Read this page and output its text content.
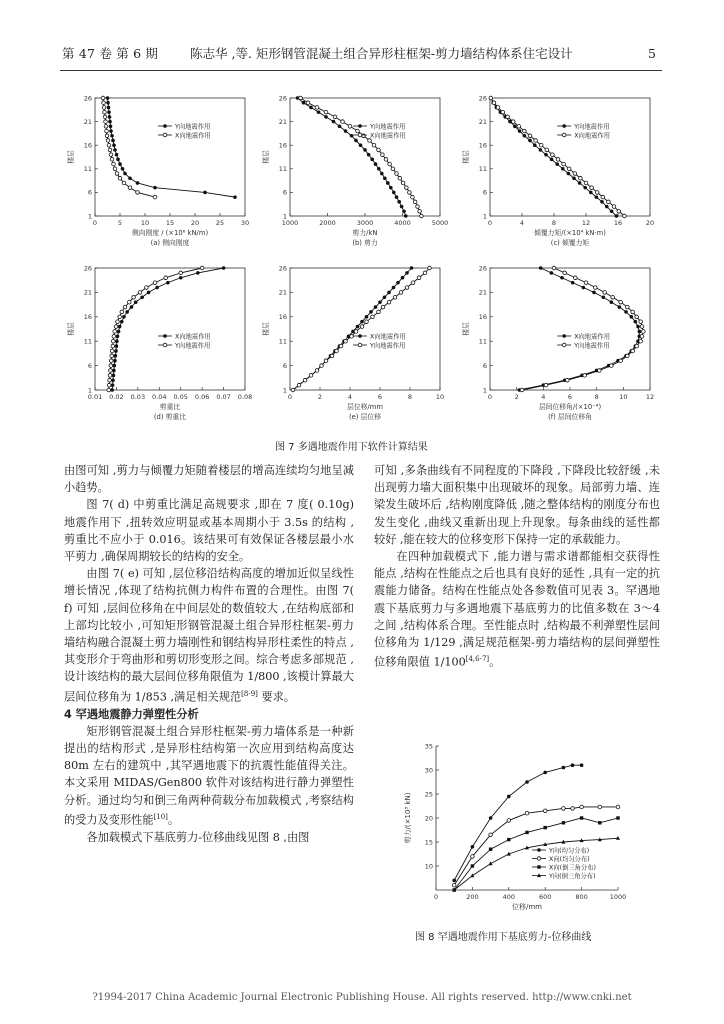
第 47 卷 第 6 期	陈志华 ,等. 矩形钢管混凝土组合异形柱框架-剪力墙结构体系住宅设计	5
0	5	10	15	20	25	30
1
6
11
16
21
26
侧向刚度 / (×10⁶ kN/m)
(a) 侧向刚度
楼层
Y向地震作用
X向地震作用
1000	2000	3000	4000	5000
1
6
11
16
21
26
剪力/kN
(b) 剪力
楼层
Y向地震作用
X向地震作用
0	4	8	12	16	20
1
6
11
16
21
26
倾覆力矩/(×10⁴ kN·m)
(c) 倾覆力矩
楼层
Y向地震作用
X向地震作用
0.01 0.02 0.03 0.04 0.05 0.06 0.07 0.08
1
6
11
16
21
26
剪重比
(d) 剪重比
楼层
X向地震作用
Y向地震作用
0	2	4	6	8	10
1
6
11
16
21
26
层位移/mm
(e) 层位移
楼层
X向地震作用
Y向地震作用
0	2	4	6	8	10	12
1
6
11
16
21
26
层间位移角/(×10⁻⁴)
(f) 层间位移角
楼层
X向地震作用
Y向地震作用
图 7 多遇地震作用下软件计算结果

由图可知 ,剪力与倾覆力矩随着楼层的增高连续均匀地呈减小趋势。

图 7( d) 中剪重比满足高规要求 ,即在 7 度( 0.10g) 地震作用下 ,扭转效应明显或基本周期小于 3.5s 的结构 ,剪重比不应小于 0.016。该结果可有效保证各楼层最小水平剪力 ,确保周期较长的结构的安全。

由图 7( e) 可知 ,层位移沿结构高度的增加近似呈线性增长情况 ,体现了结构抗侧力构件布置的合理性。由图 7( f) 可知 ,层间位移角在中间层处的数值较大 ,在结构底部和上部均比较小 ,可知矩形钢管混凝土组合异形柱框架-剪力墙结构融合混凝土剪力墙刚性和钢结构异形柱柔性的特点 ,其变形介于弯曲形和剪切形变形之间。综合考虑多部规范 ,设计该结构的最大层间位移角限值为 1/800 ,该模计算最大层间位移角为 1/853 ,满足相关规范[8-9] 要求。

4 罕遇地震静力弹塑性分析

矩形钢管混凝土组合异形柱框架-剪力墙体系是一种新提出的结构形式 ,是异形柱结构第一次应用到结构高度达 80m 左右的建筑中 ,其罕遇地震下的抗震性能值得关注。本文采用 MIDAS/Gen800 软件对该结构进行静力弹塑性分析。通过均匀和倒三角两种荷载分布加载模式 ,考察结构的受力及变形性能[10]。

各加载模式下基底剪力-位移曲线见图 8 ,由图

可知 ,多条曲线有不同程度的下降段 ,下降段比较舒缓 ,未出现剪力墙大面积集中出现破坏的现象。局部剪力墙、连梁发生破坏后 ,结构刚度降低 ,随之整体结构的刚度分布也发生变化 ,曲线又重新出现上升现象。每条曲线的延性都较好 ,能在较大的位移变形下保持一定的承载能力。

在四种加载模式下 ,能力谱与需求谱都能相交获得性能点 ,结构在性能点之后也具有良好的延性 ,具有一定的抗震能力储备。结构在性能点处各参数值可见表 3。罕遇地震下基底剪力与多遇地震下基底剪力的比值多数在 3～4 之间 ,结构体系合理。至性能点时 ,结构最不利弹塑性层间位移角为 1/129 ,满足规范框架-剪力墙结构的层间弹塑性位移角限值 1/100[4,6-7]。

0	200	400	600	800	1000
10
15
20
25
30
35
位移/mm
剪力/(×10³ kN)
Y向(均匀分布)
X向(均匀分布)
X向(倒三角分布)
Y向(倒三角分布)
图 8 罕遇地震作用下基底剪力-位移曲线
?1994-2017 China Academic Journal Electronic Publishing House. All rights reserved. http://www.cnki.net
